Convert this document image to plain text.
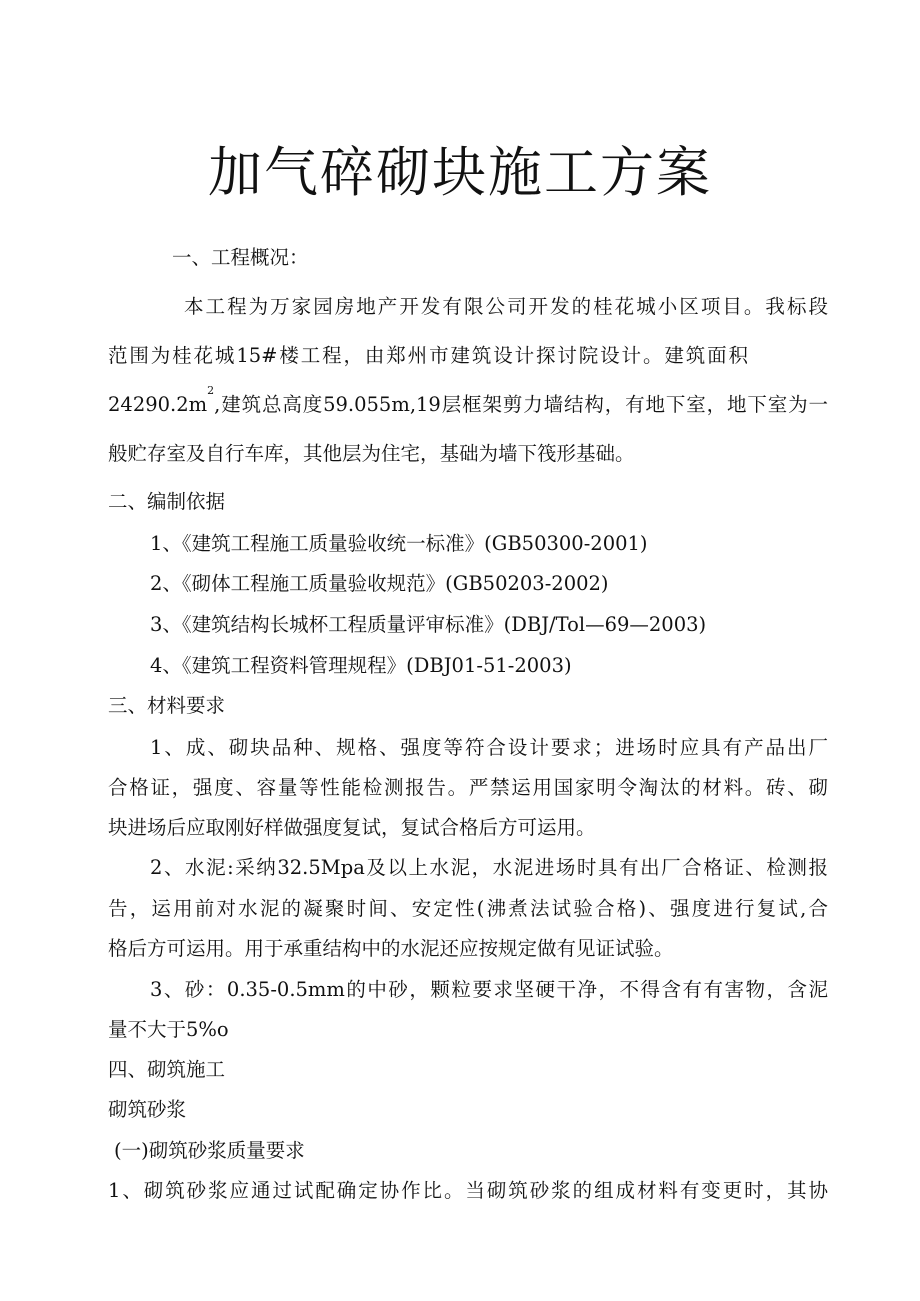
加气碎砌块施工方案

一、工程概况：

本工程为万家园房地产开发有限公司开发的桂花城小区项目。我标段

范围为桂花城15#楼工程，由郑州市建筑设计探讨院设计。建筑面积

24290.2m
2
,建筑总高度59.055m,19层框架剪力墙结构，有地下室，地下室为一

般贮存室及自行车库，其他层为住宅，基础为墙下筏形基础。

二、编制依据

1、《建筑工程施工质量验收统一标准》(GB50300-2001)

2、《砌体工程施工质量验收规范》(GB50203-2002)

3、《建筑结构长城杯工程质量评审标准》(DBJ/Tol—69—2003)

4、《建筑工程资料管理规程》(DBJ01-51-2003)

三、材料要求

1、成、砌块品种、规格、强度等符合设计要求；进场时应具有产品出厂

合格证，强度、容量等性能检测报告。严禁运用国家明令淘汰的材料。砖、砌

块进场后应取刚好样做强度复试，复试合格后方可运用。

2、水泥:采纳32.5Mpa及以上水泥，水泥进场时具有出厂合格证、检测报

告，运用前对水泥的凝聚时间、安定性(沸煮法试验合格)、强度进行复试,合

格后方可运用。用于承重结构中的水泥还应按规定做有见证试验。

3、砂：0.35-0.5mm的中砂，颗粒要求坚硬干净，不得含有有害物，含泥

量不大于5%o

四、砌筑施工

砌筑砂浆

(一)砌筑砂浆质量要求

1、砌筑砂浆应通过试配确定协作比。当砌筑砂浆的组成材料有变更时，其协
